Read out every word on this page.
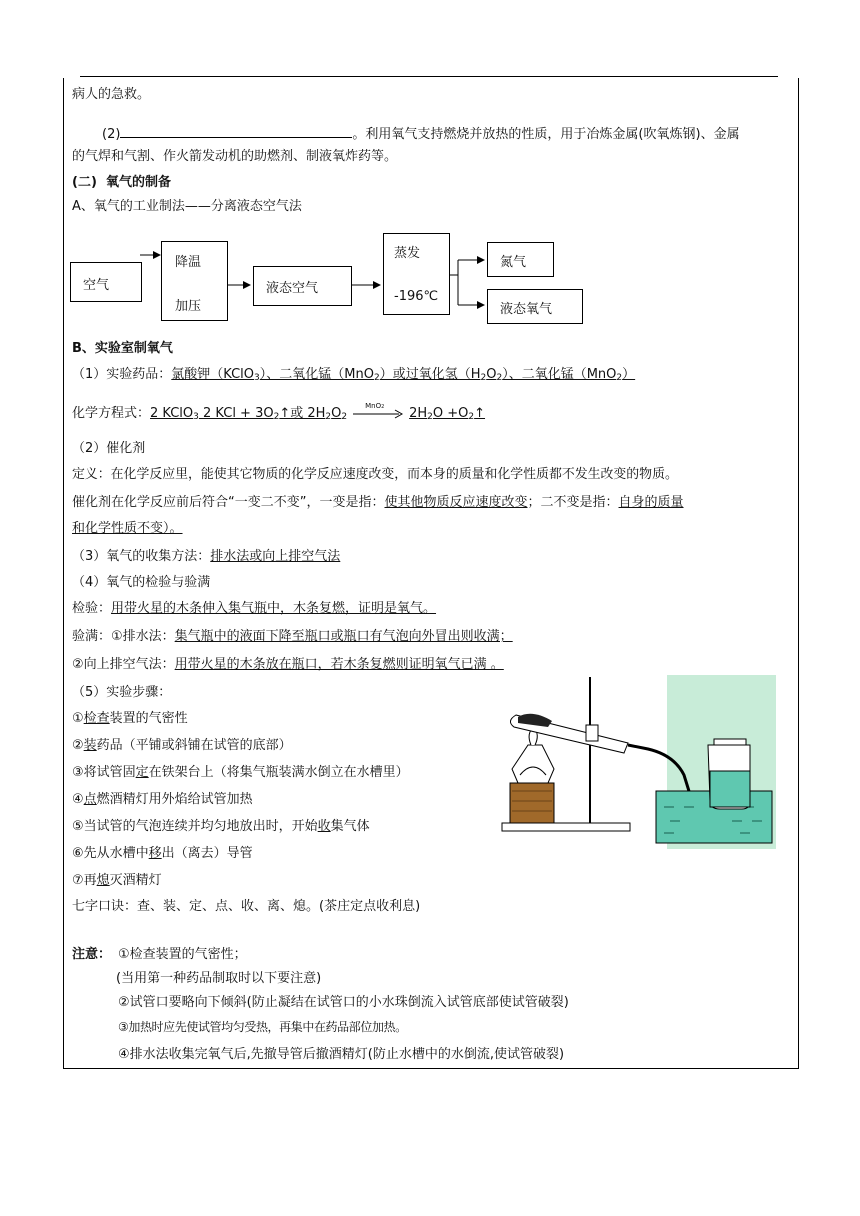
病人的急救。
(2)	。利用氧气支持燃烧并放热的性质，用于冶炼金属(吹氧炼钢)、金属
的气焊和气割、作火箭发动机的助燃剂、制液氧炸药等。
(二) 氧气的制备
A、氧气的工业制法——分离液态空气法
空气
降温
加压
液态空气
蒸发
-196℃
氮气
液态氧气
B、实验室制氧气
（1）实验药品：氯酸钾（KClO$_3$）、二氧化锰（MnO$_2$）或过氧化氢$(H_2O_2)$、二氧化锰（MnO$_2$）
化学方程式：2 KClO$_3$ 2 KCl + $3O_2↑$或 $2H_2O_2$
MnO2 $2H_2O$ $+O_2↑$
（2）催化剂
定义：在化学反应里，能使其它物质的化学反应速度改变，而本身的质量和化学性质都不发生改变的物质。
催化剂在化学反应前后符合“一变二不变”，一变是指：使其他物质反应速度改变；二不变是指：自身的质量
和化学性质不变）。
（3）氧气的收集方法：排水法或向上排空气法
（4）氧气的检验与验满
检验：用带火星的木条伸入集气瓶中，木条复燃，证明是氧气。
验满：①排水法：集气瓶中的液面下降至瓶口或瓶口有气泡向外冒出则收满；
②向上排空气法：用带火星的木条放在瓶口，若木条复燃则证明氧气已满 。
（5）实验步骤：
①检查装置的气密性
②装药品（平铺或斜铺在试管的底部）
③将试管固定在铁架台上（将集气瓶装满水倒立在水槽里）
④点燃酒精灯用外焰给试管加热
⑤当试管的气泡连续并均匀地放出时，开始收集气体
⑥先从水槽中移出（离去）导管
⑦再熄灭酒精灯
七字口诀：查、装、定、点、收、离、熄。(茶庄定点收利息)
注意： ①检查装置的气密性；
(当用第一种药品制取时以下要注意)
②试管口要略向下倾斜(防止凝结在试管口的小水珠倒流入试管底部使试管破裂)
③加热时应先使试管均匀受热，再集中在药品部位加热。
④排水法收集完氧气后,先撤导管后撤酒精灯(防止水槽中的水倒流,使试管破裂)
